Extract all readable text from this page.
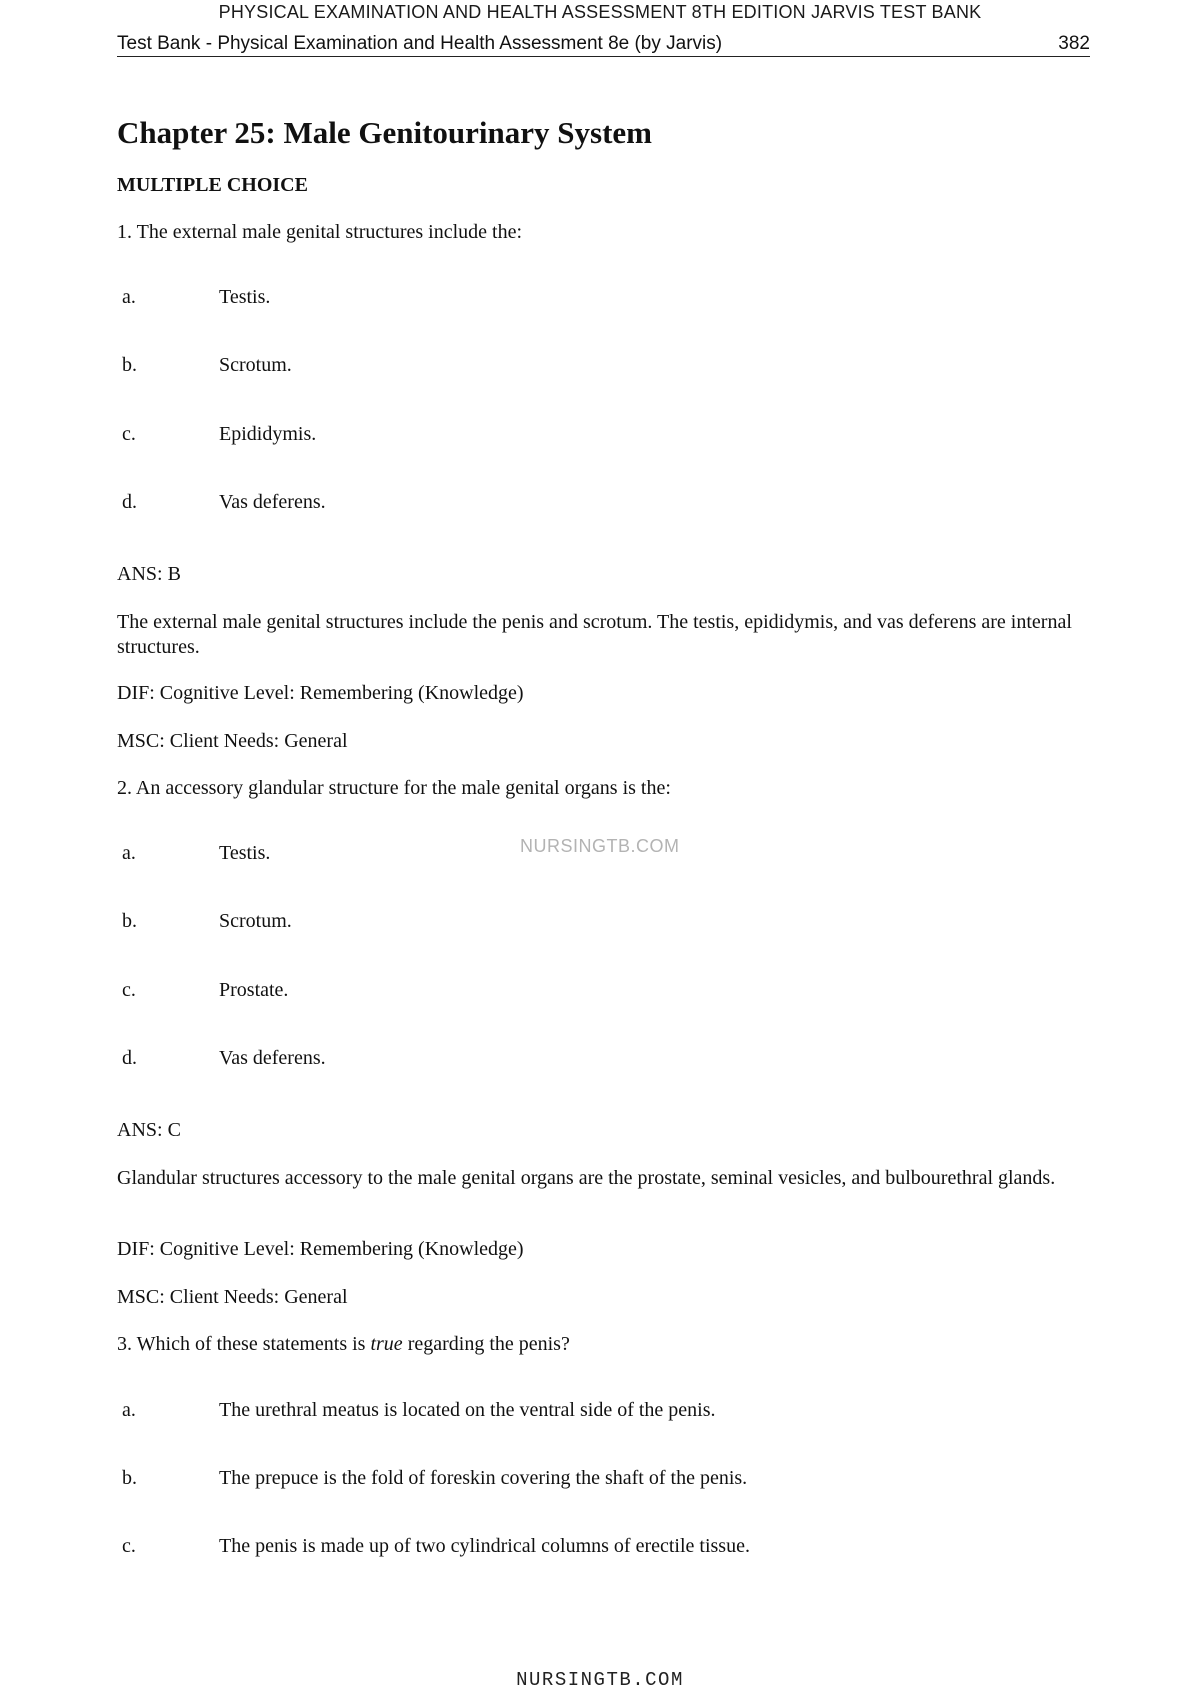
PHYSICAL EXAMINATION AND HEALTH ASSESSMENT 8TH EDITION JARVIS TEST BANK
Test Bank - Physical Examination and Health Assessment 8e (by Jarvis)	382
Chapter 25: Male Genitourinary System
MULTIPLE CHOICE
1. The external male genital structures include the:
a.	Testis.
b.	Scrotum.
c.	Epididymis.
d.	Vas deferens.
ANS: B
The external male genital structures include the penis and scrotum. The testis, epididymis, and vas deferens are internal structures.
DIF: Cognitive Level: Remembering (Knowledge)
MSC: Client Needs: General
2. An accessory glandular structure for the male genital organs is the:
a.	Testis.	NURSINGTB.COM
b.	Scrotum.
c.	Prostate.
d.	Vas deferens.
ANS: C
Glandular structures accessory to the male genital organs are the prostate, seminal vesicles, and bulbourethral glands.
DIF: Cognitive Level: Remembering (Knowledge)
MSC: Client Needs: General
3. Which of these statements is true regarding the penis?
a.	The urethral meatus is located on the ventral side of the penis.
b.	The prepuce is the fold of foreskin covering the shaft of the penis.
c.	The penis is made up of two cylindrical columns of erectile tissue.
NURSINGTB.COM
